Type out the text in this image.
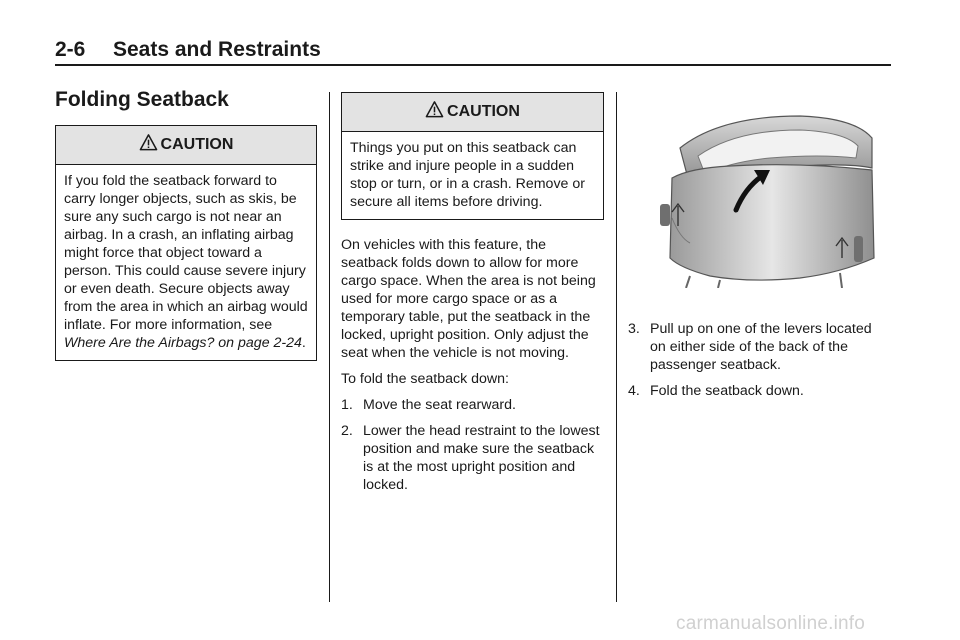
2-6 Seats and Restraints
Folding Seatback
CAUTION
If you fold the seatback forward to carry longer objects, such as skis, be sure any such cargo is not near an airbag. In a crash, an inflating airbag might force that object toward a person. This could cause severe injury or even death. Secure objects away from the area in which an airbag would inflate. For more information, see Where Are the Airbags? on page 2-24.
CAUTION
Things you put on this seatback can strike and injure people in a sudden stop or turn, or in a crash. Remove or secure all items before driving.

On vehicles with this feature, the seatback folds down to allow for more cargo space. When the area is not being used for more cargo space or as a temporary table, put the seatback in the locked, upright position. Only adjust the seat when the vehicle is not moving.

To fold the seatback down:

1. Move the seat rearward.
2. Lower the head restraint to the lowest position and make sure the seatback is at the most upright position and locked.
3. Pull up on one of the levers located on either side of the back of the passenger seatback.
4. Fold the seatback down.
carmanualsonline.info
